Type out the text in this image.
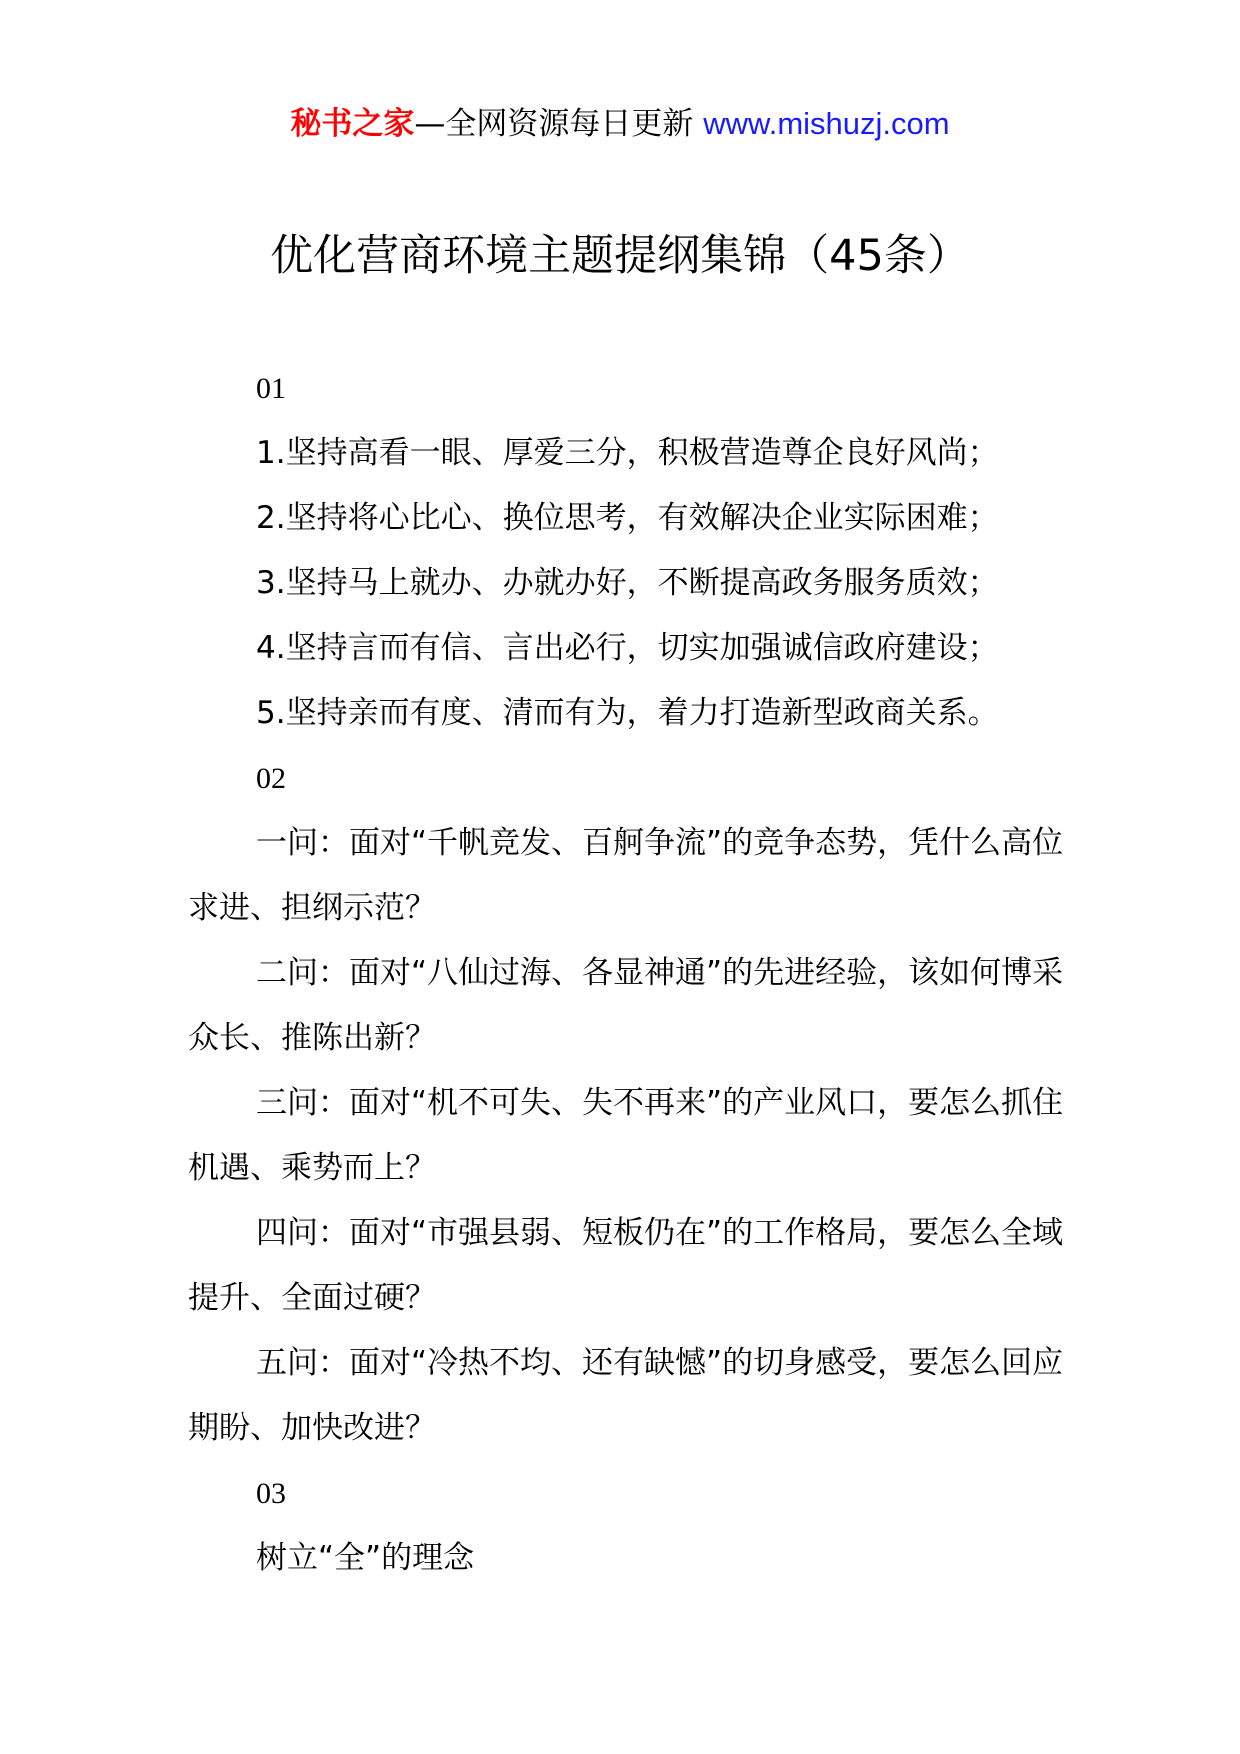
秘书之家—全网资源每日更新 www.mishuzj.com
优化营商环境主题提纲集锦（45条）

01

1.坚持高看一眼、厚爱三分，积极营造尊企良好风尚；

2.坚持将心比心、换位思考，有效解决企业实际困难；

3.坚持马上就办、办就办好，不断提高政务服务质效；

4.坚持言而有信、言出必行，切实加强诚信政府建设；

5.坚持亲而有度、清而有为，着力打造新型政商关系。

02

一问：面对“千帆竞发、百舸争流”的竞争态势，凭什么高位求进、担纲示范？

二问：面对“八仙过海、各显神通”的先进经验，该如何博采众长、推陈出新？

三问：面对“机不可失、失不再来”的产业风口，要怎么抓住机遇、乘势而上？

四问：面对“市强县弱、短板仍在”的工作格局，要怎么全域提升、全面过硬？

五问：面对“冷热不均、还有缺憾”的切身感受，要怎么回应期盼、加快改进？

03

树立“全”的理念
